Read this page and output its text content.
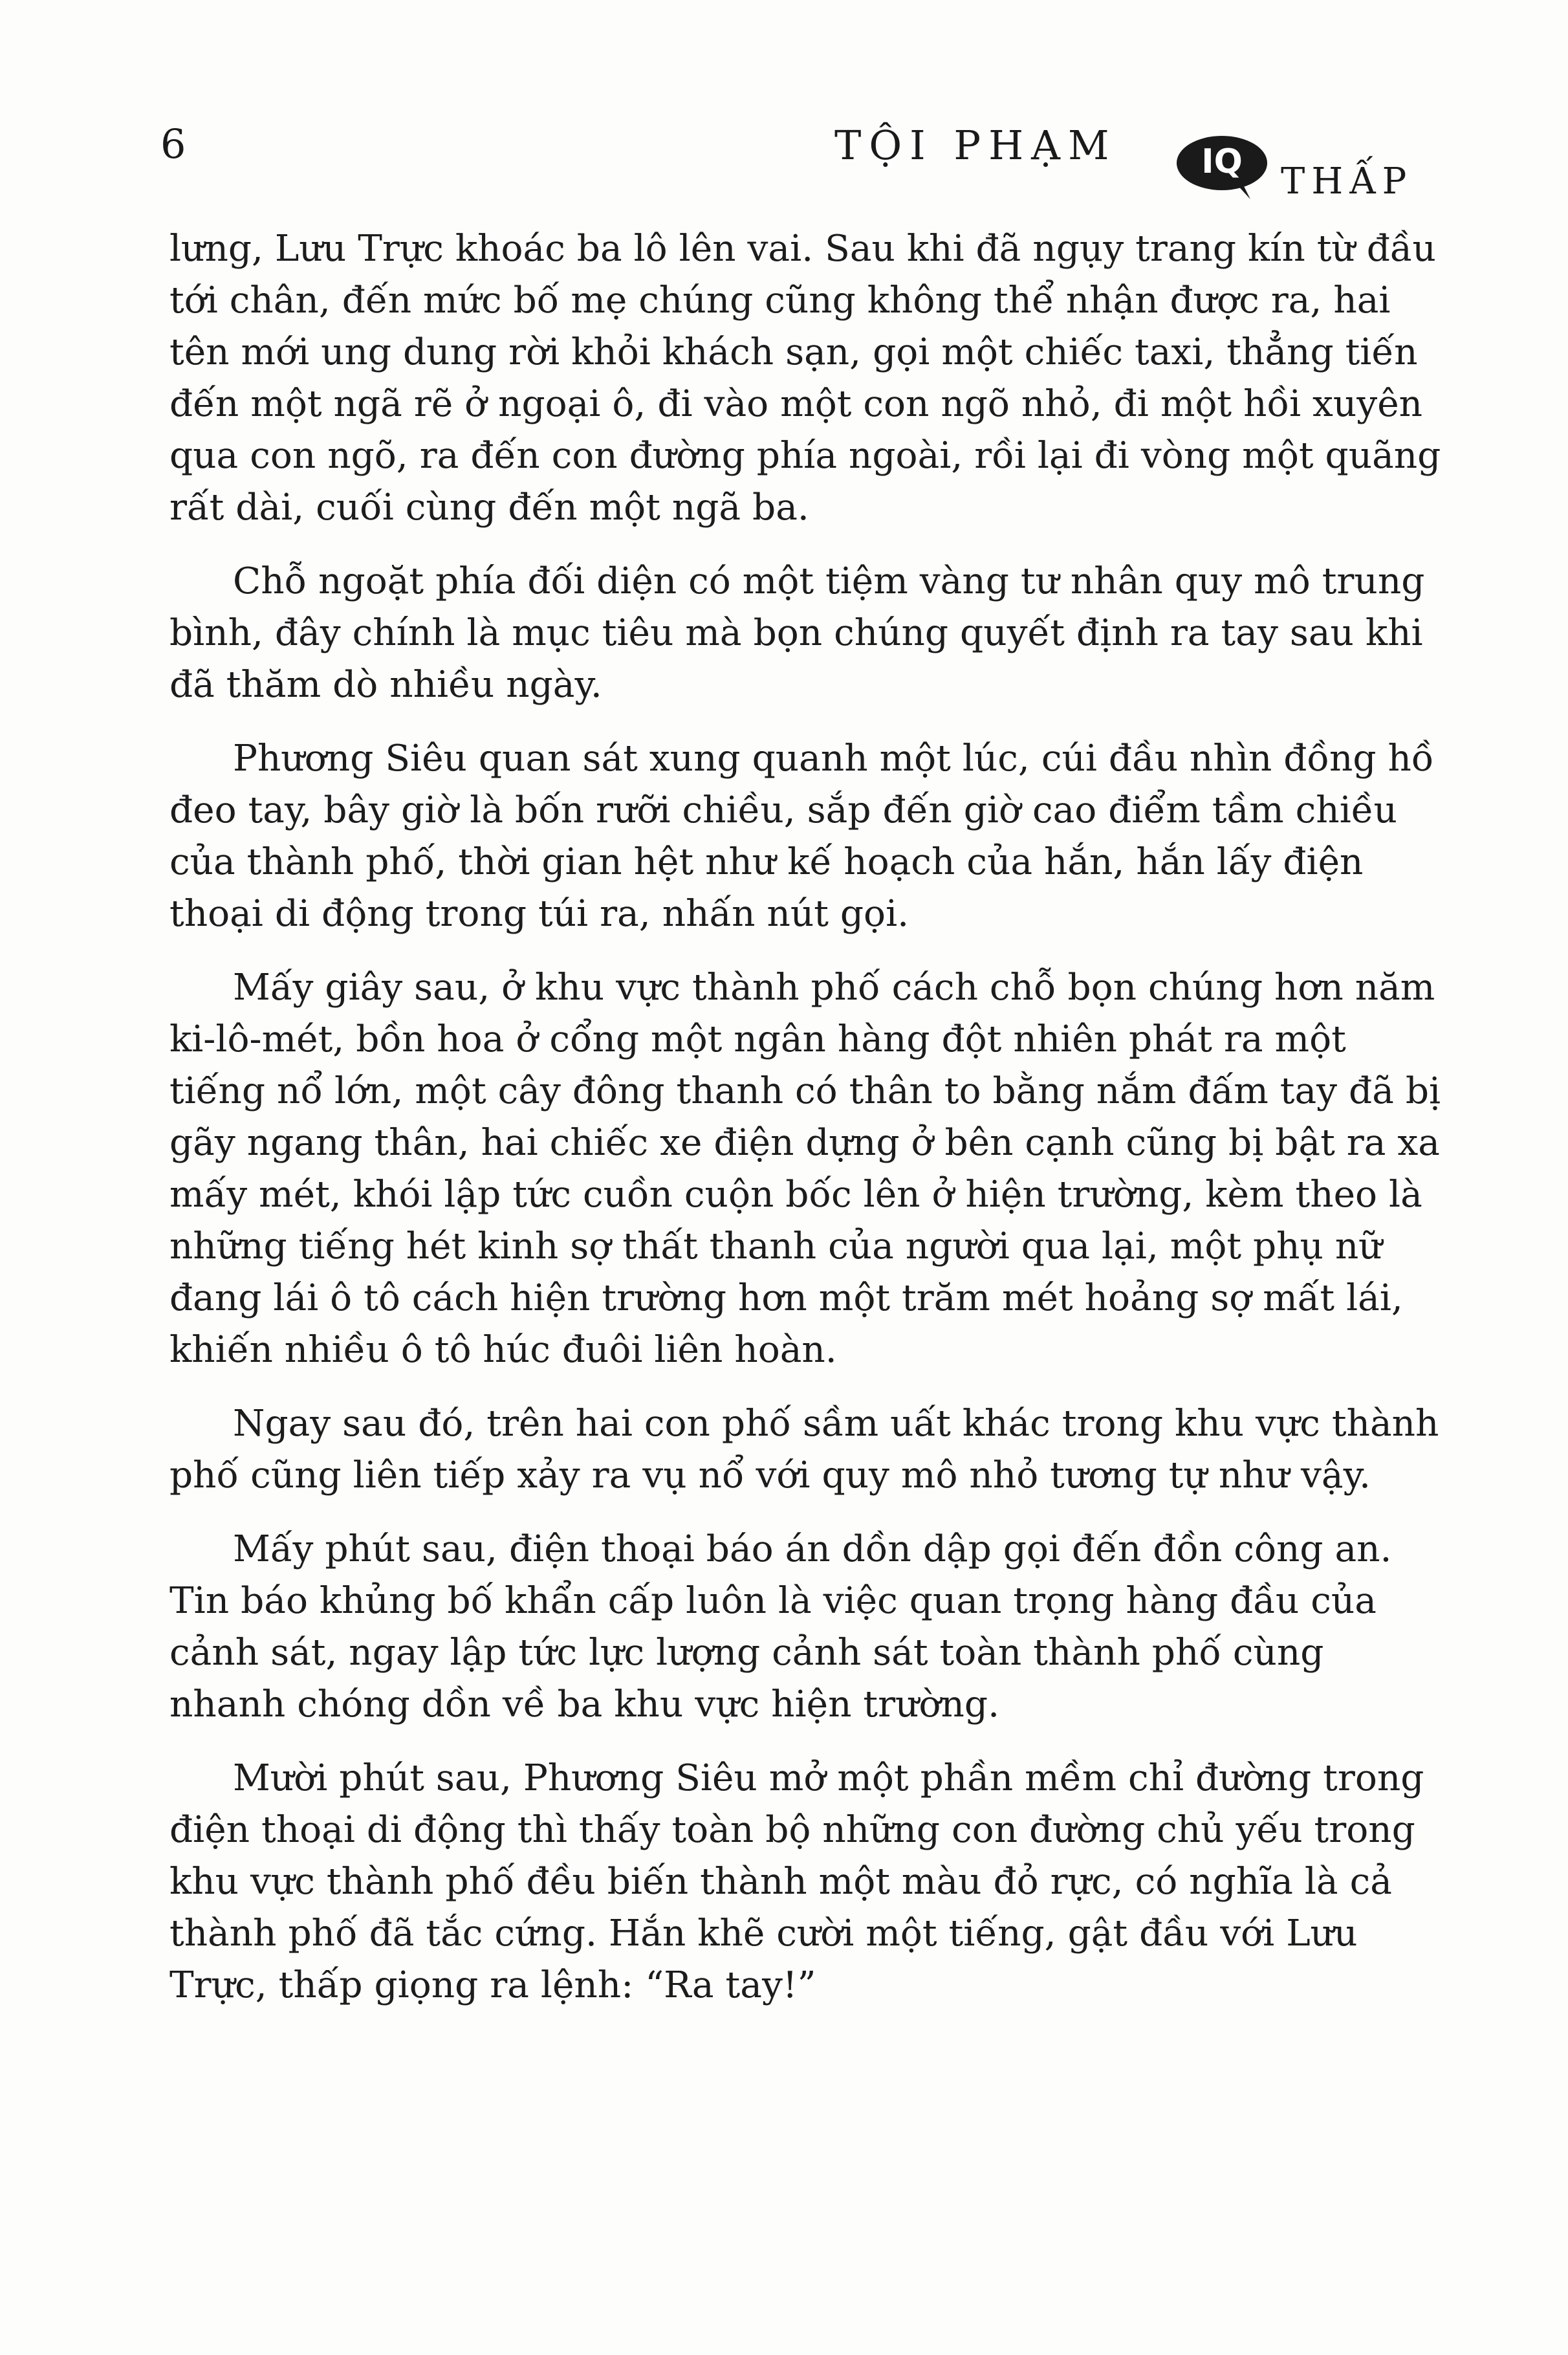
6	TỘI PHẠM	IQ	THẤP

lưng, Lưu Trực khoác ba lô lên vai. Sau khi đã ngụy trang kín từ đầu tới chân, đến mức bố mẹ chúng cũng không thể nhận được ra, hai tên mới ung dung rời khỏi khách sạn, gọi một chiếc taxi, thẳng tiến đến một ngã rẽ ở ngoại ô, đi vào một con ngõ nhỏ, đi một hồi xuyên qua con ngõ, ra đến con đường phía ngoài, rồi lại đi vòng một quãng rất dài, cuối cùng đến một ngã ba.

Chỗ ngoặt phía đối diện có một tiệm vàng tư nhân quy mô trung bình, đây chính là mục tiêu mà bọn chúng quyết định ra tay sau khi đã thăm dò nhiều ngày.

Phương Siêu quan sát xung quanh một lúc, cúi đầu nhìn đồng hồ đeo tay, bây giờ là bốn rưỡi chiều, sắp đến giờ cao điểm tầm chiều của thành phố, thời gian hệt như kế hoạch của hắn, hắn lấy điện thoại di động trong túi ra, nhấn nút gọi.

Mấy giây sau, ở khu vực thành phố cách chỗ bọn chúng hơn năm ki-lô-mét, bồn hoa ở cổng một ngân hàng đột nhiên phát ra một tiếng nổ lớn, một cây đông thanh có thân to bằng nắm đấm tay đã bị gãy ngang thân, hai chiếc xe điện dựng ở bên cạnh cũng bị bật ra xa mấy mét, khói lập tức cuồn cuộn bốc lên ở hiện trường, kèm theo là những tiếng hét kinh sợ thất thanh của người qua lại, một phụ nữ đang lái ô tô cách hiện trường hơn một trăm mét hoảng sợ mất lái, khiến nhiều ô tô húc đuôi liên hoàn.

Ngay sau đó, trên hai con phố sầm uất khác trong khu vực thành phố cũng liên tiếp xảy ra vụ nổ với quy mô nhỏ tương tự như vậy.

Mấy phút sau, điện thoại báo án dồn dập gọi đến đồn công an. Tin báo khủng bố khẩn cấp luôn là việc quan trọng hàng đầu của cảnh sát, ngay lập tức lực lượng cảnh sát toàn thành phố cùng nhanh chóng dồn về ba khu vực hiện trường.

Mười phút sau, Phương Siêu mở một phần mềm chỉ đường trong điện thoại di động thì thấy toàn bộ những con đường chủ yếu trong khu vực thành phố đều biến thành một màu đỏ rực, có nghĩa là cả thành phố đã tắc cứng. Hắn khẽ cười một tiếng, gật đầu với Lưu Trực, thấp giọng ra lệnh: “Ra tay!”
